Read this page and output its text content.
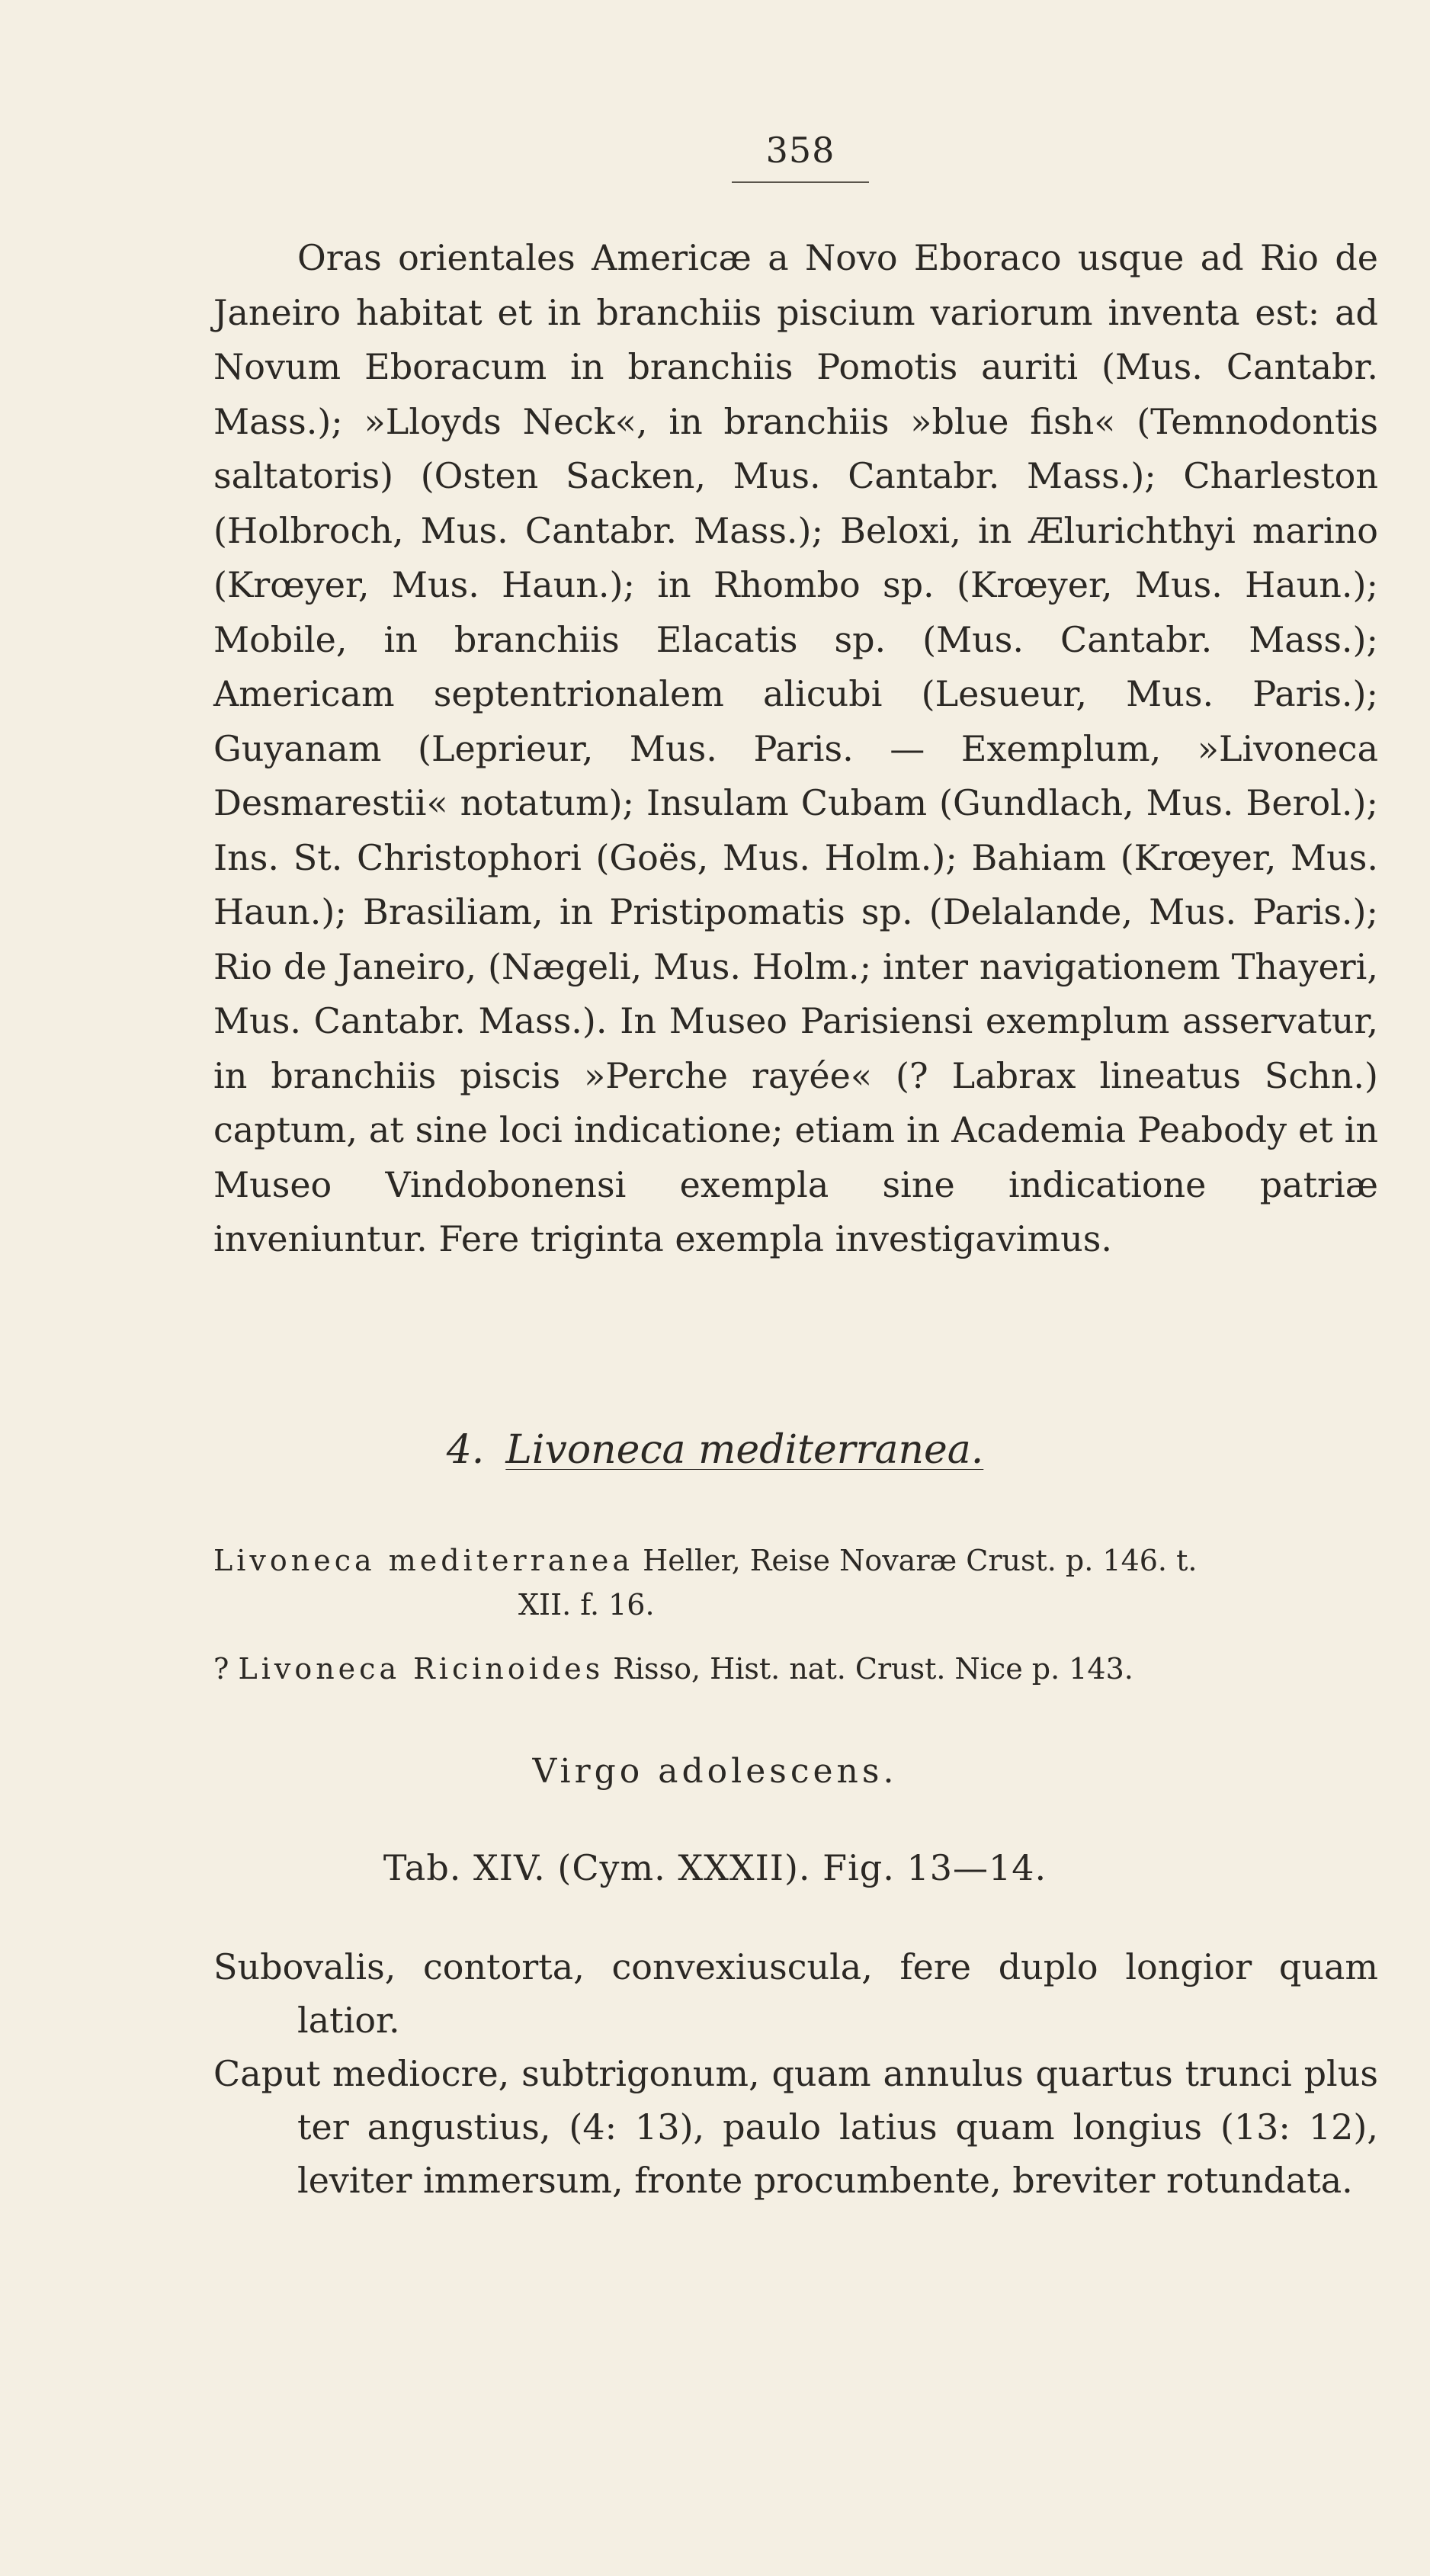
358

Oras orientales Americæ a Novo Eboraco usque ad Rio de Janeiro habitat et in branchiis piscium variorum inventa est: ad Novum Eboracum in branchiis Pomotis auriti (Mus. Cantabr. Mass.); »Lloyds Neck«, in branchiis »blue fish« (Temnodontis saltatoris) (Osten Sacken, Mus. Cantabr. Mass.); Charleston (Holbroch, Mus. Cantabr. Mass.); Beloxi, in Ælurichthyi marino (Krœyer, Mus. Haun.); in Rhombo sp. (Krœyer, Mus. Haun.); Mobile, in branchiis Elacatis sp. (Mus. Cantabr. Mass.); Americam septentrionalem alicubi (Lesueur, Mus. Paris.); Guyanam (Leprieur, Mus. Paris. — Exemplum, »Livoneca Desmarestii« notatum); Insulam Cubam (Gundlach, Mus. Berol.); Ins. St. Christophori (Goës, Mus. Holm.); Bahiam (Krœyer, Mus. Haun.); Brasiliam, in Pristipomatis sp. (Delalande, Mus. Paris.); Rio de Janeiro, (Nægeli, Mus. Holm.; inter navigationem Thayeri, Mus. Cantabr. Mass.). In Museo Parisiensi exemplum asservatur, in branchiis piscis »Perche rayée« (? Labrax lineatus Schn.) captum, at sine loci indicatione; etiam in Academia Peabody et in Museo Vindobonensi exempla sine indicatione patriæ inveniuntur. Fere triginta exempla investigavimus.

4. Livoneca mediterranea.

Livoneca mediterranea Heller, Reise Novaræ Crust. p. 146. t.

XII. f. 16.

? Livoneca Ricinoides Risso, Hist. nat. Crust. Nice p. 143.

Virgo adolescens.
Tab. XIV. (Cym. XXXII). Fig. 13—14.

Subovalis, contorta, convexiuscula, fere duplo longior quam latior.

Caput mediocre, subtrigonum, quam annulus quartus trunci plus ter angustius, (4: 13), paulo latius quam longius (13: 12), leviter immersum, fronte procumbente, breviter rotundata.
